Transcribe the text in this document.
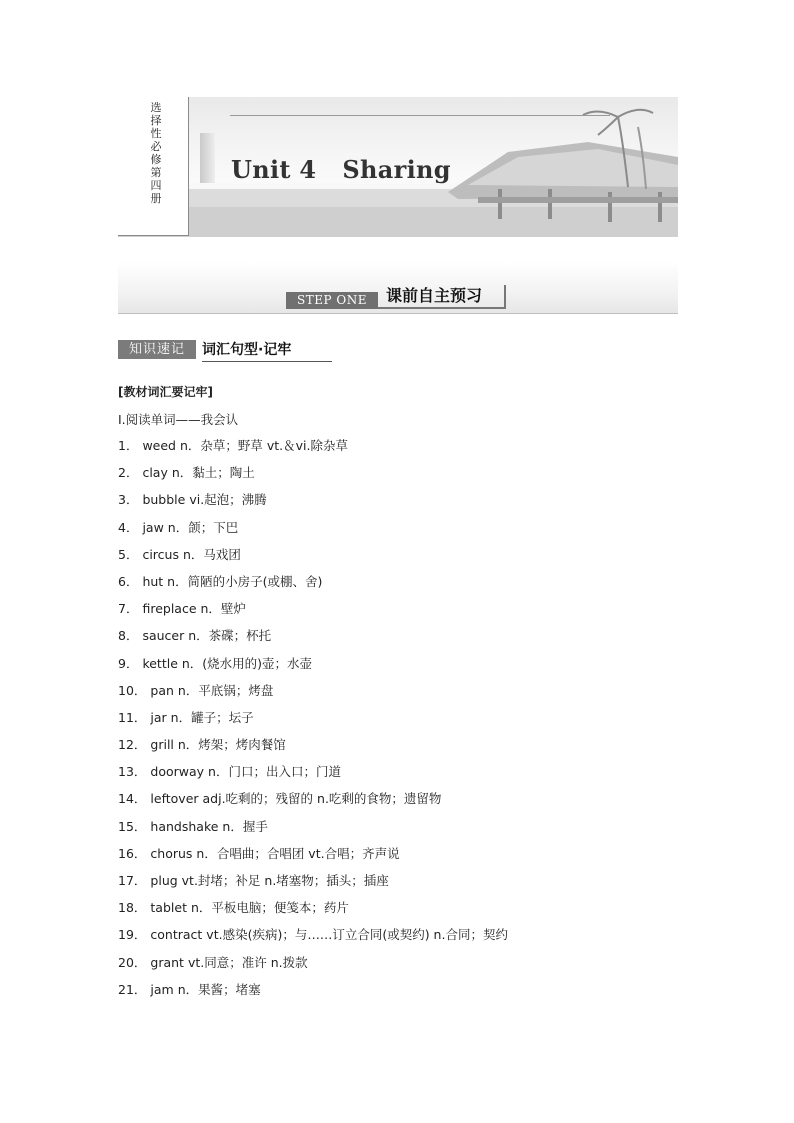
选择性必修第四册
Unit 4   Sharing
STEP ONE	课前自主预习
知识速记	词汇句型·记牢
[教材词汇要记牢]
Ⅰ.阅读单词——我会认
1． weed n．杂草；野草 vt.＆vi.除杂草
2． clay n．黏土；陶土
3． bubble vi.起泡；沸腾
4． jaw n．颌；下巴
5． circus n．马戏团
6． hut n．简陋的小房子(或棚、舍)
7． fireplace n．壁炉
8． saucer n．茶碟；杯托
9． kettle n．(烧水用的)壶；水壶
10． pan n．平底锅；烤盘
11． jar n．罐子；坛子
12． grill n．烤架；烤肉餐馆
13． doorway n．门口；出入口；门道
14． leftover adj.吃剩的；残留的 n.吃剩的食物；遗留物
15． handshake n．握手
16． chorus n．合唱曲；合唱团 vt.合唱；齐声说
17． plug vt.封堵；补足 n.堵塞物；插头；插座
18． tablet n．平板电脑；便笺本；药片
19． contract vt.感染(疾病)；与……订立合同(或契约) n.合同；契约
20． grant vt.同意；准许 n.拨款
21． jam n．果酱；堵塞
